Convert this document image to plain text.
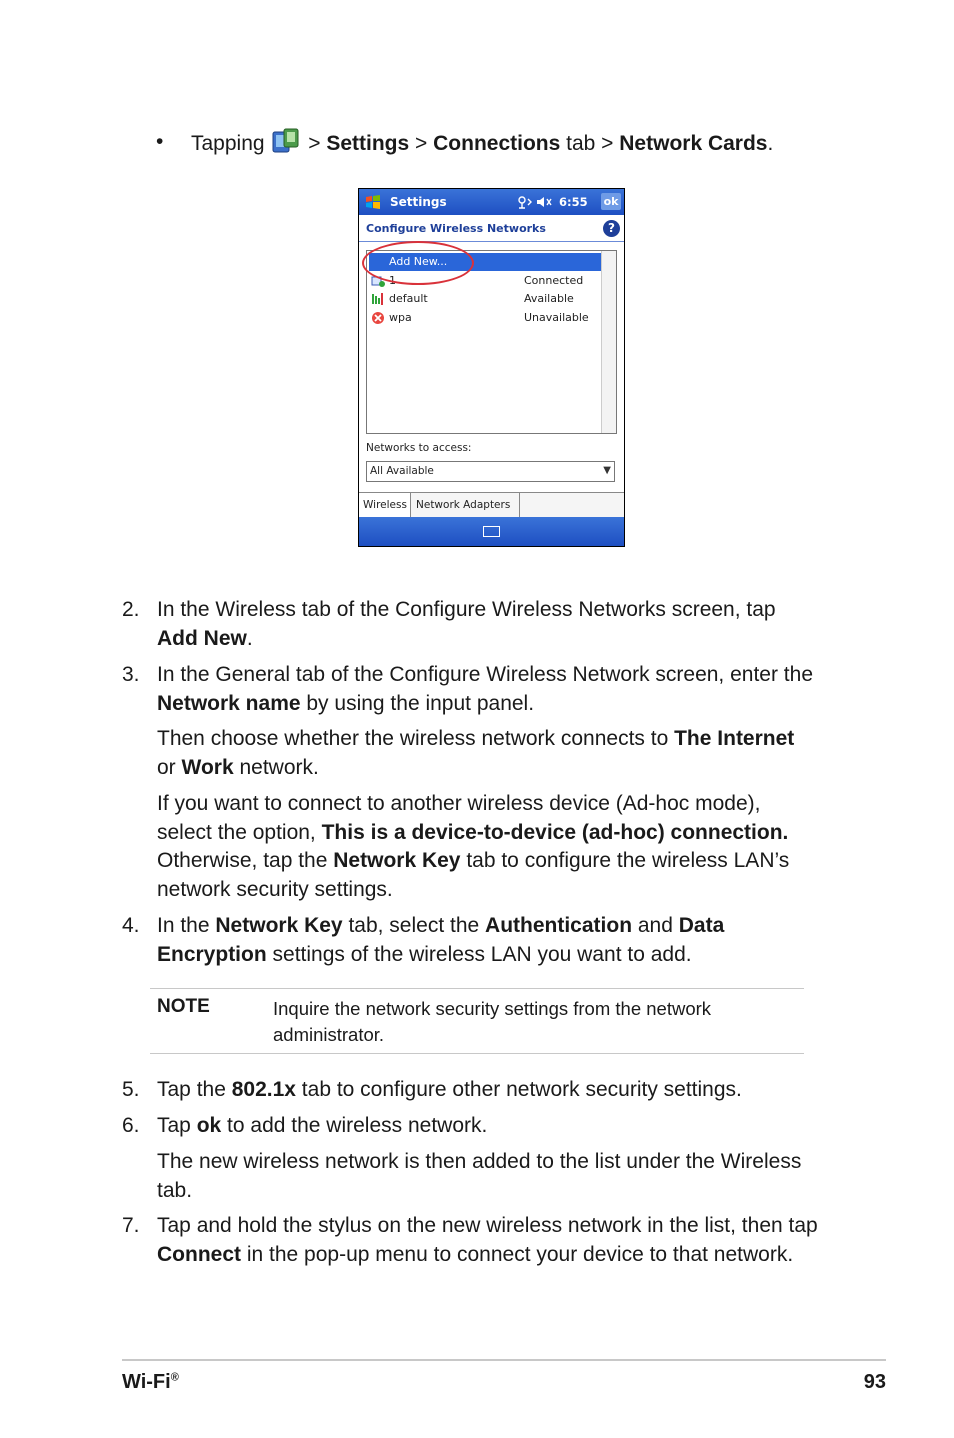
• Tapping  > Settings > Connections tab > Network Cards.
Settings	6:55 ok
Configure Wireless Networks	?
Add New...
1	Connected
default	Available
wpa	Unavailable
Networks to access:
All Available	▼
Wireless Network Adapters
2. In the Wireless tab of the Configure Wireless Networks screen, tap
Add New.
3. In the General tab of the Configure Wireless Network screen, enter the
Network name by using the input panel.
Then choose whether the wireless network connects to The Internet
or Work network.
If you want to connect to another wireless device (Ad-hoc mode),
select the option, This is a device-to-device (ad-hoc) connection.
Otherwise, tap the Network Key tab to configure the wireless LAN’s
network security settings.
4. In the Network Key tab, select the Authentication and Data
Encryption settings of the wireless LAN you want to add.
NOTE	Inquire the network security settings from the network administrator.
5. Tap the 802.1x tab to configure other network security settings.
6. Tap ok to add the wireless network.
The new wireless network is then added to the list under the Wireless
tab.
7. Tap and hold the stylus on the new wireless network in the list, then tap
Connect in the pop-up menu to connect your device to that network.
Wi-Fi®	93
